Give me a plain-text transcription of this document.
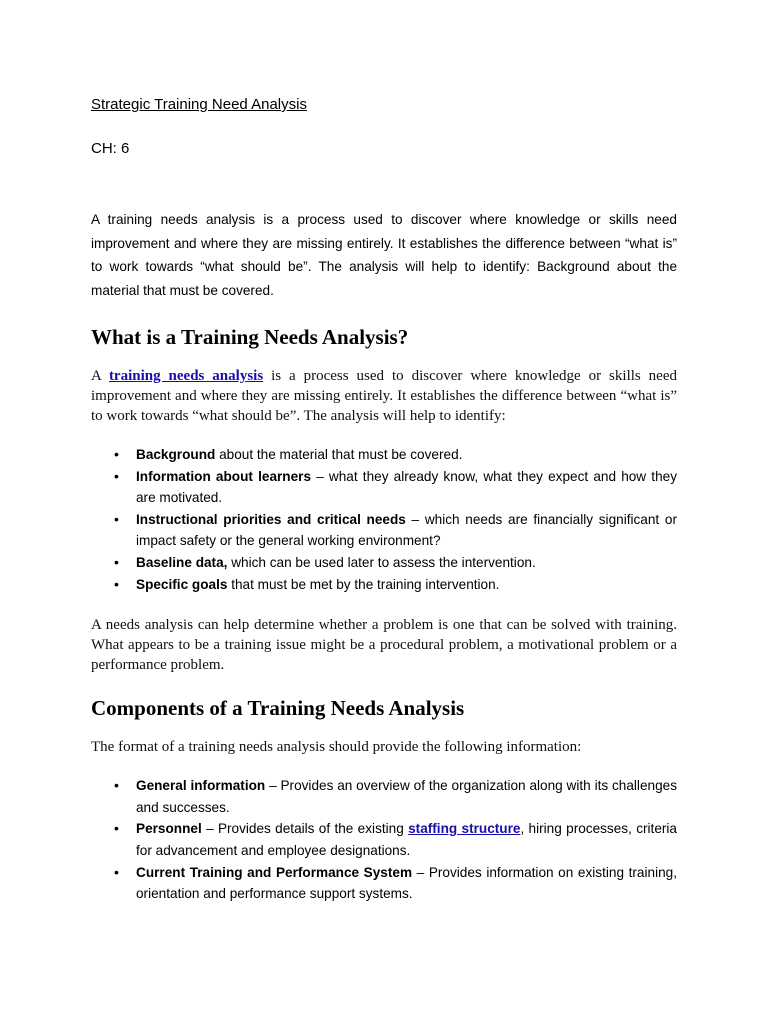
Strategic Training Need Analysis

CH: 6

A training needs analysis is a process used to discover where knowledge or skills need improvement and where they are missing entirely. It establishes the difference between “what is” to work towards “what should be”. The analysis will help to identify: Background about the material that must be covered.

What is a Training Needs Analysis?

A training needs analysis is a process used to discover where knowledge or skills need improvement and where they are missing entirely. It establishes the difference between “what is” to work towards “what should be”. The analysis will help to identify:

• Background about the material that must be covered.
• Information about learners – what they already know, what they expect and how they are motivated.
• Instructional priorities and critical needs – which needs are financially significant or impact safety or the general working environment?
• Baseline data, which can be used later to assess the intervention.
• Specific goals that must be met by the training intervention.

A needs analysis can help determine whether a problem is one that can be solved with training. What appears to be a training issue might be a procedural problem, a motivational problem or a performance problem.

Components of a Training Needs Analysis

The format of a training needs analysis should provide the following information:

• General information – Provides an overview of the organization along with its challenges and successes.
• Personnel – Provides details of the existing staffing structure, hiring processes, criteria for advancement and employee designations.
• Current Training and Performance System – Provides information on existing training, orientation and performance support systems.
